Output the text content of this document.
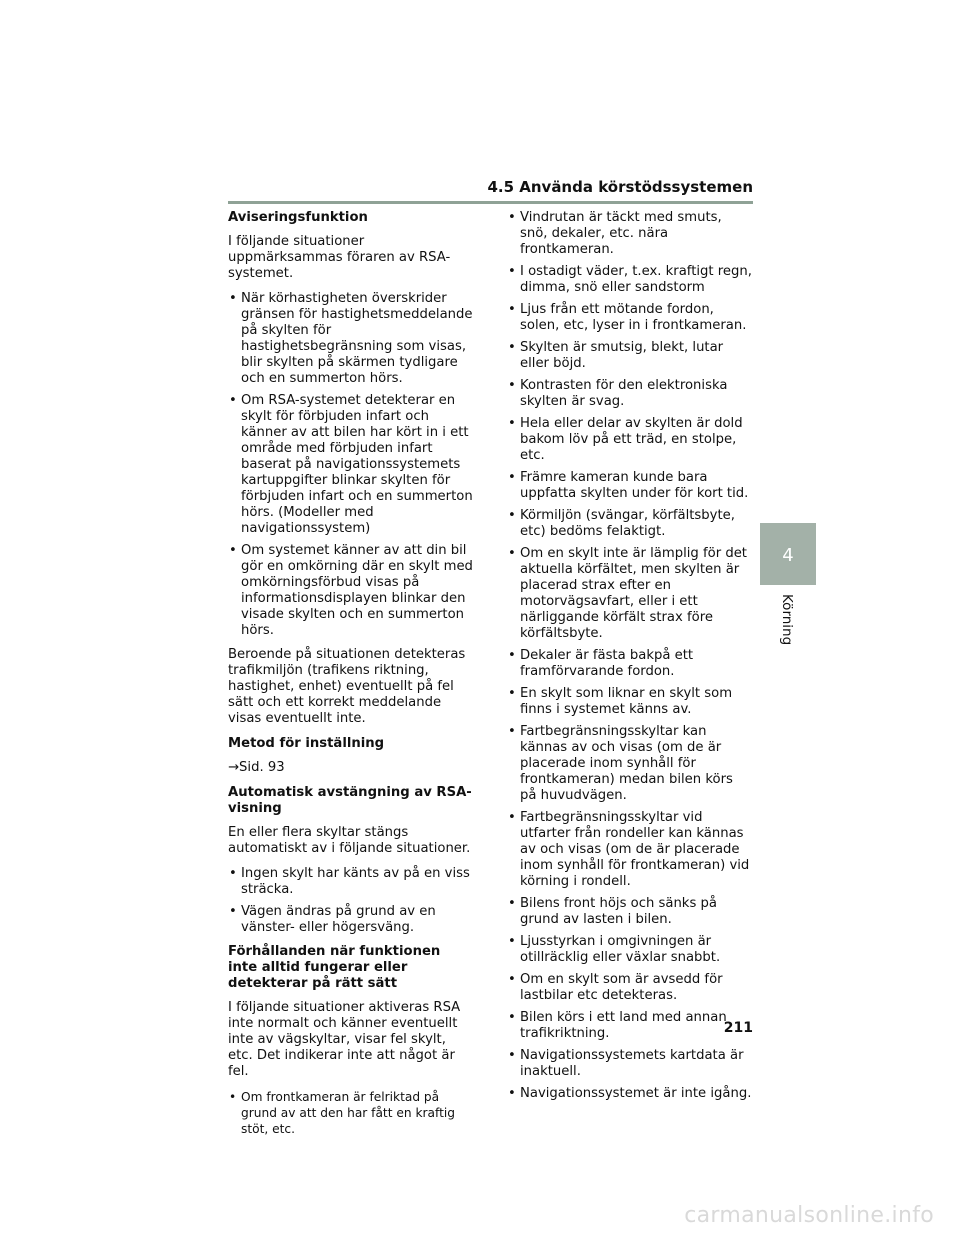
4.5 Använda körstödssystemen
Aviseringsfunktion

I följande situationer uppmärksammas föraren av RSA-systemet.

• När körhastigheten överskrider gränsen för hastighetsmeddelande på skylten för hastighetsbegränsning som visas, blir skylten på skärmen tydligare och en summerton hörs.
• Om RSA-systemet detekterar en skylt för förbjuden infart och känner av att bilen har kört in i ett område med förbjuden infart baserat på navigationssystemets kartuppgifter blinkar skylten för förbjuden infart och en summerton hörs. (Modeller med navigationssystem)
• Om systemet känner av att din bil gör en omkörning där en skylt med omkörningsförbud visas på informationsdisplayen blinkar den visade skylten och en summerton hörs.

Beroende på situationen detekteras trafikmiljön (trafikens riktning, hastighet, enhet) eventuellt på fel sätt och ett korrekt meddelande visas eventuellt inte.

Metod för inställning

→Sid. 93

Automatisk avstängning av RSA-visning

En eller flera skyltar stängs automatiskt av i följande situationer.

• Ingen skylt har känts av på en viss sträcka.
• Vägen ändras på grund av en vänster- eller högersväng.
Förhållanden när funktionen inte alltid fungerar eller detekterar på rätt sätt

I följande situationer aktiveras RSA inte normalt och känner eventuellt inte av vägskyltar, visar fel skylt, etc. Det indikerar inte att något är fel.

• Om frontkameran är felriktad på grund av att den har fått en kraftig stöt, etc.
• Vindrutan är täckt med smuts, snö, dekaler, etc. nära frontkameran.
• I ostadigt väder, t.ex. kraftigt regn, dimma, snö eller sandstorm
• Ljus från ett mötande fordon, solen, etc, lyser in i frontkameran.
• Skylten är smutsig, blekt, lutar eller böjd.
• Kontrasten för den elektroniska skylten är svag.
• Hela eller delar av skylten är dold bakom löv på ett träd, en stolpe, etc.
• Främre kameran kunde bara uppfatta skylten under för kort tid.
• Körmiljön (svängar, körfältsbyte, etc) bedöms felaktigt.
• Om en skylt inte är lämplig för det aktuella körfältet, men skylten är placerad strax efter en motorvägsavfart, eller i ett närliggande körfält strax före körfältsbyte.
• Dekaler är fästa bakpå ett framförvarande fordon.
• En skylt som liknar en skylt som finns i systemet känns av.
• Fartbegränsningsskyltar kan kännas av och visas (om de är placerade inom synhåll för frontkameran) medan bilen körs på huvudvägen.
• Fartbegränsningsskyltar vid utfarter från rondeller kan kännas av och visas (om de är placerade inom synhåll för frontkameran) vid körning i rondell.
• Bilens front höjs och sänks på grund av lasten i bilen.
• Ljusstyrkan i omgivningen är otillräcklig eller växlar snabbt.
• Om en skylt som är avsedd för lastbilar etc detekteras.
• Bilen körs i ett land med annan trafikriktning.
• Navigationssystemets kartdata är inaktuell.
• Navigationssystemet är inte igång.
4
Körning
211
carmanualsonline.info
